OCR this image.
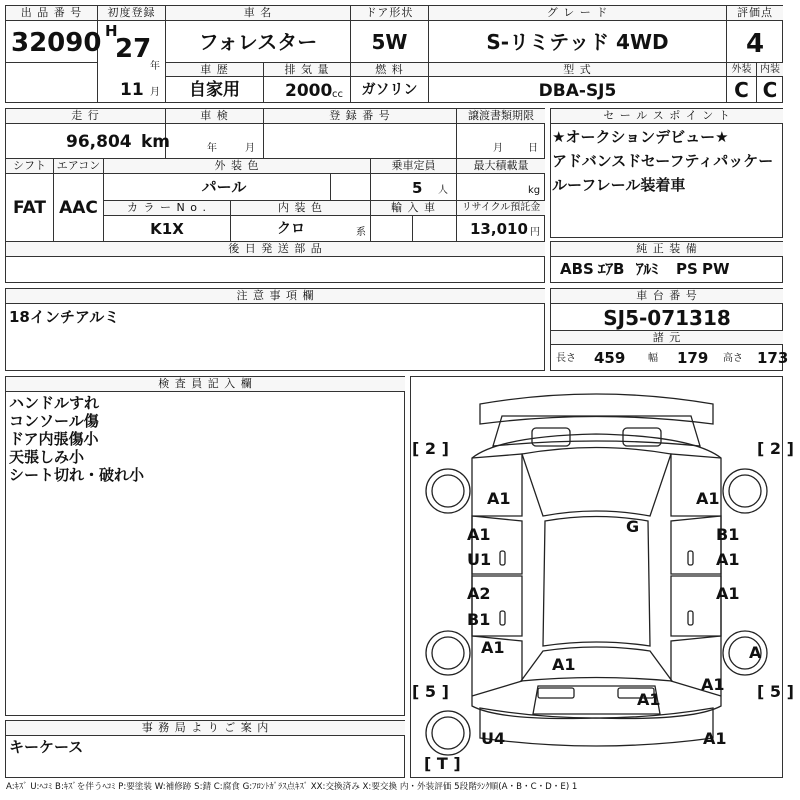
出 品 番 号
32090
初度登録
H
27
年
11 月
車 名
フォレスター
ドア形状
5W
グ レ ー ド
S-リミテッド 4WD
評価点
4
車 歴
自家用
排 気 量
2000 cc
燃 料
ガソリン
型 式
DBA-SJ5
外装
C
内装
C
走 行
96,804 km
車 検
年	月
登 録 番 号	譲渡書類期限
月	日
シフト
FAT
エアコン
AAC
外 装 色
パール
乗車定員
5 人
最大積載量
kg
カ ラ ー N o .
K1X
内 装 色
クロ	系
輸 入 車	リサイクル預託金
13,010 円
後 日 発 送 部 品
セ ー ル ス ポ イ ン ト
★オークションデビュー★
アドバンスドセーフティパッケー
ルーフレール装着車
純 正 装 備
ABS ｴｱB ｱﾙﾐ PS PW
注 意 事 項 欄
18インチアルミ
車 台 番 号
SJ5-071318
諸 元
長さ 459 幅 179 高さ 173
検 査 員 記 入 欄
ハンドルすれ
コンソール傷
ドア内張傷小
天張しみ小
シート切れ・破れ小
事 務 局 よ り ご 案 内
キーケース
[ 2 ]	[ 2 ]
[ 5 ]	[ 5 ]
[ T ]
A1	A1
G
A1
U1
B1
A1
A2
B1
A1
A1
A1
A
A1
A1
U4	A1
A:ｷｽﾞ U:ﾍｺﾐ B:ｷｽﾞを伴うﾍｺﾐ P:要塗装 W:補修跡 S:錆 C:腐食 G:ﾌﾛﾝﾄｶﾞﾗｽ点ｷｽﾞ XX:交換済み X:要交換 内・外装評価 5段階ﾗﾝｸ順(A・B・C・D・E) 1
